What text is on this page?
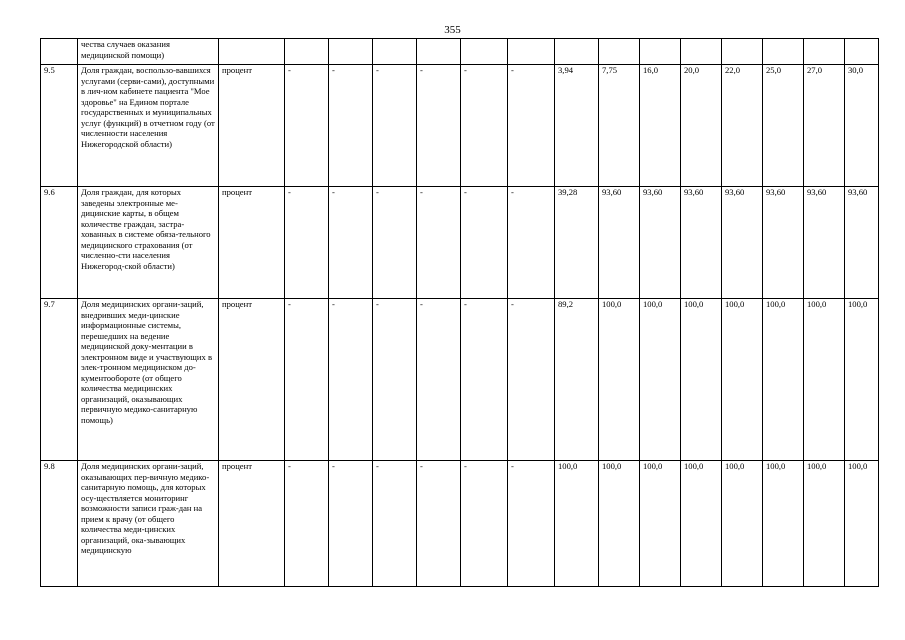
355
	чества случаев оказания медицинской помощи)															
9.5	Доля граждан, воспользо-вавшихся услугами (серви-сами), доступными в лич-ном кабинете пациента "Мое здоровье" на Едином портале государственных и муниципальных услуг (функций) в отчетном году (от численности населения Нижегородской области)	процент	-	-	-	-	-	-	3,94	7,75	16,0	20,0	22,0	25,0	27,0	30,0
9.6	Доля граждан, для которых заведены электронные ме-дицинские карты, в общем количестве граждан, застра-хованных в системе обяза-тельного медицинского страхования (от численно-сти населения Нижегород-ской области)	процент	-	-	-	-	-	-	39,28	93,60	93,60	93,60	93,60	93,60	93,60	93,60
9.7	Доля медицинских органи-заций, внедривших меди-цинские информационные системы, перешедших на ведение медицинской доку-ментации в электронном виде и участвующих в элек-тронном медицинском до-кументообороте (от общего количества медицинских организаций, оказывающих первичную медико-санитарную помощь)	процент	-	-	-	-	-	-	89,2	100,0	100,0	100,0	100,0	100,0	100,0	100,0
9.8	Доля медицинских органи-заций, оказывающих пер-вичную медико-санитарную помощь, для которых осу-ществляется мониторинг возможности записи граж-дан на прием к врачу (от общего количества меди-цинских организаций, ока-зывающих медицинскую	процент	-	-	-	-	-	-	100,0	100,0	100,0	100,0	100,0	100,0	100,0	100,0
